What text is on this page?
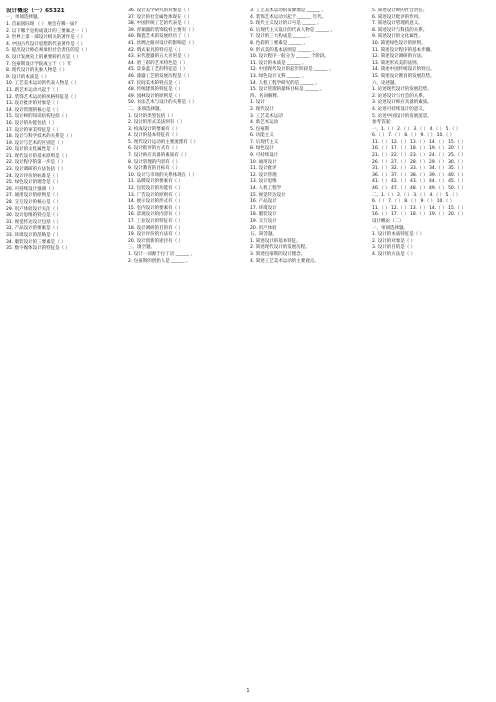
设计概论（一）65321

一、单项选择题。

1. 首届国际现 （ ） 展会在哪一届?

2. 以下哪个是构成设计的三要素之一（ ）

3. 世界上第一部设计相关的著作是（ ）

4. 中国古代设计思想的代表著作是（ ）

5. 提出设计师必须承担社会责任的是（ ）

6. 设计发展史上的重要转折点是（ ）

7. 包豪斯设计学院成立于（ ）年

8. 现代设计的先驱人物是（ ）

9. 设计的本质是（ ）

10. 工艺美术运动的代表人物是（ ）

11. 新艺术运动兴起于（ ）

12. 装饰艺术运动的风格特征是（ ）

13. 设计批评的对象是（ ）

14. 设计管理的核心是（ ）

15. 设计师的知识结构包括（ ）

16. 设计的功能包括（ ）

17. 设计的审美特征是（ ）

18. 设计与科学技术的关系是（ ）

19. 设计与艺术的区别是（ ）

20. 设计的文化属性是（ ）

21. 现代设计的基本原则是（ ）

22. 设计程序的第一步是（ ）

23. 设计调研的方法包括（ ）

24. 设计评价的标准是（ ）

25. 绿色设计的理念是（ ）

26. 可持续设计强调（ ）

27. 通用设计的原则是（ ）

28. 交互设计的核心是（ ）

29. 用户体验设计关注（ ）

30. 设计思维的特点是（ ）

31. 视觉传达设计包括（ ）

32. 产品设计的要素是（ ）

33. 环境设计的范畴是（ ）

34. 服装设计的三要素是（ ）

35. 数字媒体设计的特征是（ ）

36. 设计美学研究的对象是（ ）

37. 设计的社会属性体现在（ ）

38. 中国传统工艺的代表是（ ）

39. 青铜器的装饰纹样主要有（ ）

40. 陶瓷艺术的发展经历了（ ）

41. 丝绸之路对设计的影响是（ ）

42. 明式家具的特点是（ ）

43. 宋代瓷器的五大名窑是（ ）

44. 唐三彩的艺术特色是（ ）

45. 景泰蓝工艺的特征是（ ）

46. 漆器工艺的发展历程是（ ）

47. 民间美术的特点是（ ）

48. 传统建筑的特征是（ ）

49. 园林设计的原则是（ ）

50. 书法艺术与设计的关系是（ ）

二、多项选择题。

1. 设计的类型包括（ ）

2. 设计的形式美法则有（ ）

3. 构成设计的要素有（ ）

4. 设计的基本特征有（ ）

5. 现代设计运动的主要流派有（ ）

6. 设计批评的方式有（ ）

7. 设计师应具备的素质有（ ）

8. 设计管理的内容有（ ）

9. 设计教育的目标有（ ）

10. 设计与市场的关系体现在（ ）

11. 品牌设计的要素有（ ）

12. 包装设计的功能有（ ）

13. 广告设计的原则有（ ）

14. 展示设计的形式有（ ）

15. 室内设计的要素有（ ）

16. 景观设计的内容有（ ）

17. 工业设计的特征有（ ）

18. 设计调研的目的有（ ）

19. 设计评价的方法有（ ）

20. 设计创新的途径有（ ）

三、填空题。

1. 设计一词源于拉丁语 ______ 。

2. 包豪斯的创始人是 ______ 。

3. 工艺美术运动的发源地是 ______ 。

4. 装饰艺术运动兴起于 ______ 年代。

5. 现代主义设计的口号是 ______ 。

6. 后现代主义设计的代表人物是 ______ 。

7. 设计的三大构成是 ______ 。

8. 色彩的三要素是 ______ 。

9. 形式美的基本法则是 ______ 。

10. 设计程序一般分为 ______ 个阶段。

11. 设计的本质是 ______ 。

12. 中国现代设计的起步阶段是 ______ 。

13. 绿色设计又称 ______ 。

14. 人机工程学研究的是 ______ 。

15. 设计管理的最终目标是 ______ 。

四、名词解释。

1. 设计

2. 现代设计

3. 工艺美术运动

4. 新艺术运动

5. 包豪斯

6. 功能主义

7. 后现代主义

8. 绿色设计

9. 可持续设计

10. 通用设计

11. 设计批评

12. 设计管理

13. 设计思维

14. 人机工程学

15. 视觉传达设计

16. 产品设计

17. 环境设计

18. 服装设计

19. 交互设计

20. 用户体验

五、简答题。

1. 简述设计的基本特征。

2. 简述现代设计的发展历程。

3. 简述包豪斯的设计理念。

4. 简述工艺美术运动的主要观点。

5. 简述设计师的社会责任。

6. 简述设计批评的作用。

7. 简述设计管理的意义。

8. 简述设计与科技的关系。

9. 简述设计的文化属性。

10. 简述绿色设计的原则。

11. 简述设计程序的基本步骤。

12. 简述设计调研的方法。

13. 简述形式美的法则。

14. 简述中国传统设计的特点。

15. 简述设计教育的发展趋势。

六、论述题。

1. 论述现代设计的发展趋势。

2. 论述设计与社会的关系。

3. 论述设计师应具备的素质。

4. 论述可持续设计的意义。

5. 论述中国设计的发展前景。

参考答案：

一、1.（ ） 2.（ ） 3.（ ） 4.（ ） 5.（ ）

6.（ ） 7.（ ） 8.（ ） 9.（ ） 10.（ ）

11.（ ） 12.（ ） 13.（ ） 14.（ ） 15.（ ）

16.（ ） 17.（ ） 18.（ ） 19.（ ） 20.（ ）

21.（ ） 22.（ ） 23.（ ） 24.（ ） 25.（ ）

26.（ ） 27.（ ） 28.（ ） 29.（ ） 30.（ ）

31.（ ） 32.（ ） 33.（ ） 34.（ ） 35.（ ）

36.（ ） 37.（ ） 38.（ ） 39.（ ） 40.（ ）

41.（ ） 42.（ ） 43.（ ） 44.（ ） 45.（ ）

46.（ ） 47.（ ） 48.（ ） 49.（ ） 50.（ ）

二、1.（ ） 2.（ ） 3.（ ） 4.（ ） 5.（ ）

6.（ ） 7.（ ） 8.（ ） 9.（ ） 10.（ ）

11.（ ） 12.（ ） 13.（ ） 14.（ ） 15.（ ）

16.（ ） 17.（ ） 18.（ ） 19.（ ） 20.（ ）

设计概论（二）

一、单项选择题。

1. 设计的本质特征是（ ）

2. 设计的对象是（ ）

3. 设计的目的是（ ）

4. 设计的方法是（ ）

1
